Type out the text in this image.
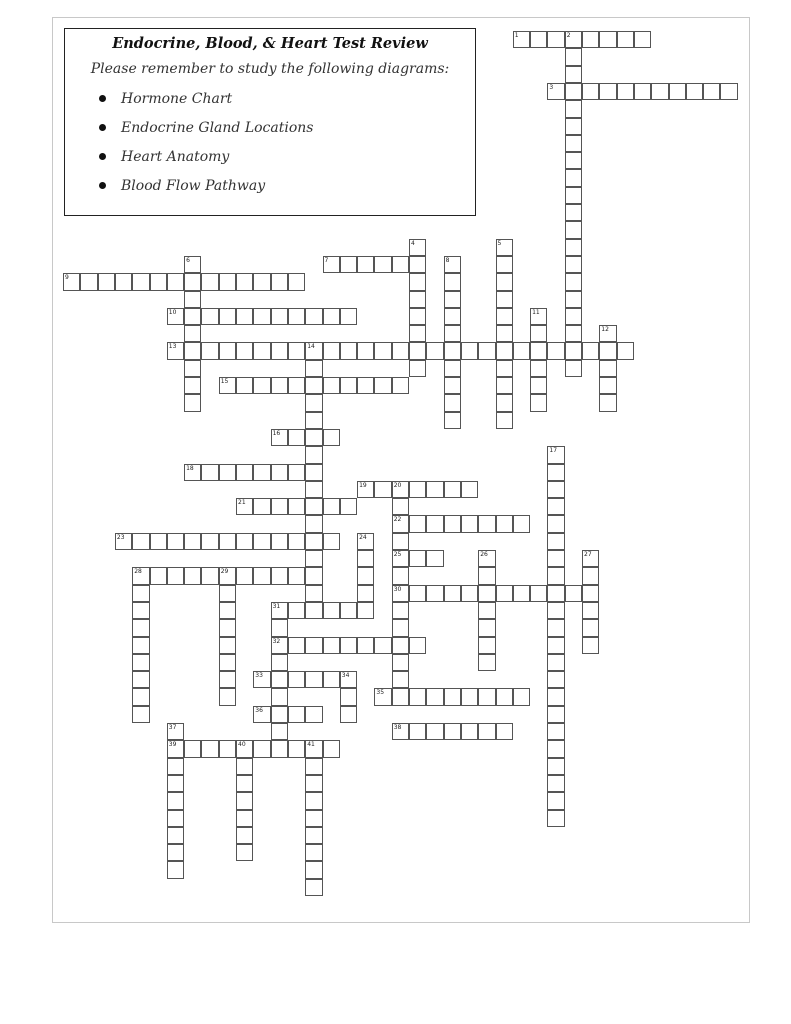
Endocrine, Blood, & Heart Test Review
Please remember to study the following diagrams:
Hormone Chart
Endocrine Gland Locations
Heart Anatomy
Blood Flow Pathway
1	2
3
7
9
10
13	14
15
16
18
19	20
21
22
23
25
28	29
30
31
32
33	34
35
36
38
39	40	41
4	5
6	8
11
12
17
24
26	27
37
